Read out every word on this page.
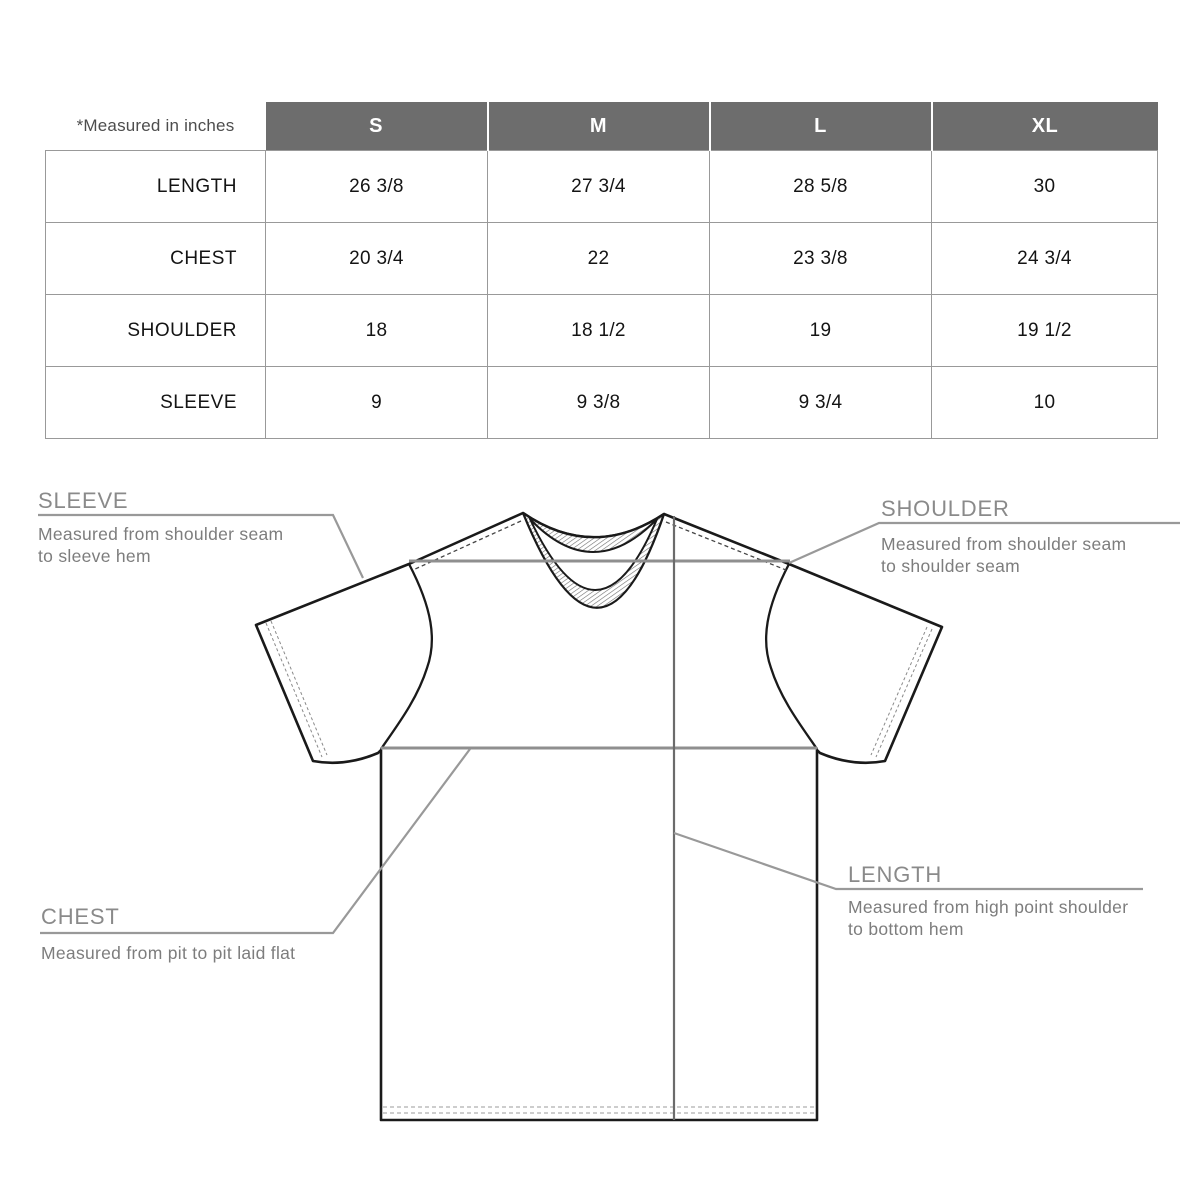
*Measured in inches	S	M	L	XL
LENGTH	26 3/8	27 3/4	28 5/8	30
CHEST	20 3/4	22	23 3/8	24 3/4
SHOULDER	18	18 1/2	19	19 1/2
SLEEVE	9	9 3/8	9 3/4	10
SLEEVE
Measured from shoulder seam
to sleeve hem
SHOULDER
Measured from shoulder seam
to shoulder seam
CHEST
Measured from pit to pit laid flat
LENGTH
Measured from high point shoulder
to bottom hem
